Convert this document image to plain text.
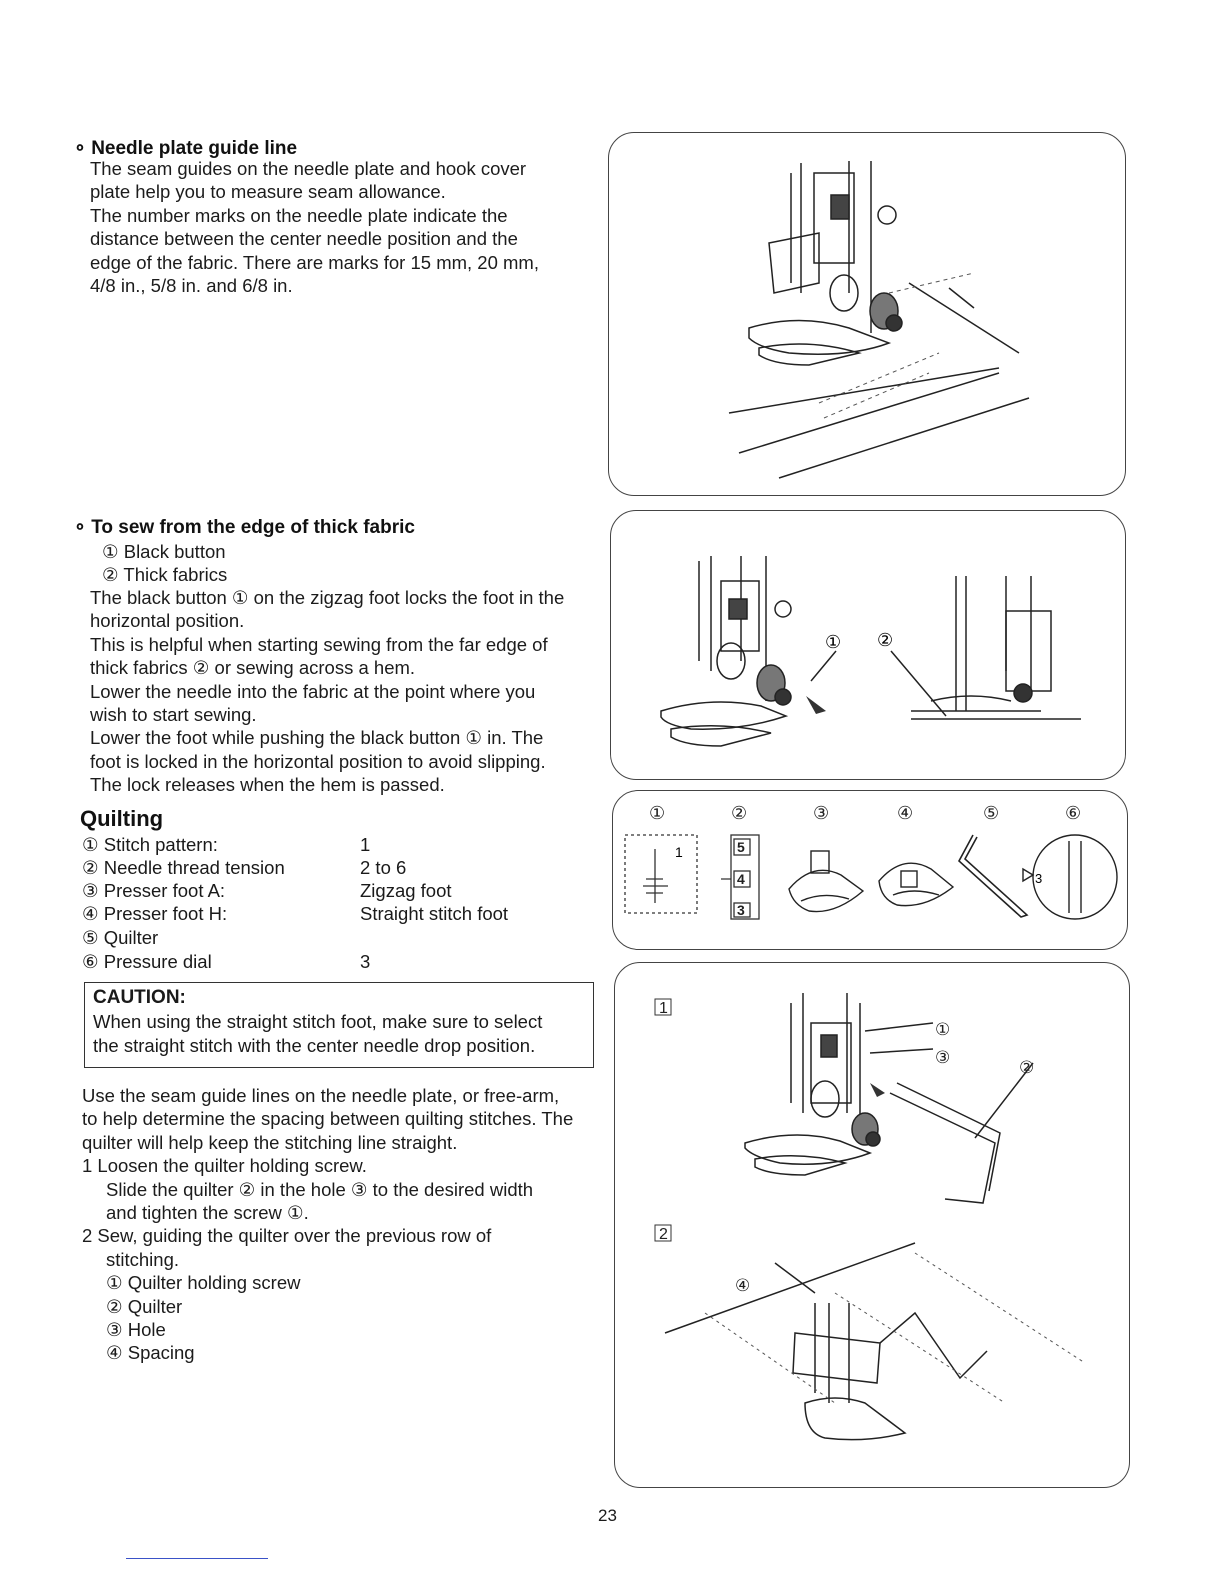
∘ Needle plate guide line
The seam guides on the needle plate and hook cover
plate help you to measure seam allowance.
The number marks on the needle plate indicate the
distance between the center needle position and the
edge of the fabric. There are marks for 15 mm, 20 mm,
4/8 in., 5/8 in. and 6/8 in.
∘ To sew from the edge of thick fabric
① Black button
② Thick fabrics
The black button ① on the zigzag foot locks the foot in the
horizontal position.
This is helpful when starting sewing from the far edge of
thick fabrics ② or sewing across a hem.
Lower the needle into the fabric at the point where you
wish to start sewing.
Lower the foot while pushing the black button ① in. The
foot is locked in the horizontal position to avoid slipping.
The lock releases when the hem is passed.
Quilting
① Stitch pattern:	1
② Needle thread tension	2 to 6
③ Presser foot A:	Zigzag foot
④ Presser foot H:	Straight stitch foot
⑤ Quilter
⑥ Pressure dial	3
CAUTION:
When using the straight stitch foot, make sure to select
the straight stitch with the center needle drop position.
Use the seam guide lines on the needle plate, or free-arm,
to help determine the spacing between quilting stitches. The
quilter will help keep the stitching line straight.
1 Loosen the quilter holding screw.
Slide the quilter ② in the hole ③ to the desired width
and tighten the screw ①.
2 Sew, guiding the quilter over the previous row of
stitching.
① Quilter holding screw
② Quilter
③ Hole
④ Spacing
① ②
①	②	③	④	⑤	⑥
1	5
4
3
3
1
2
①
③
②
④
23
